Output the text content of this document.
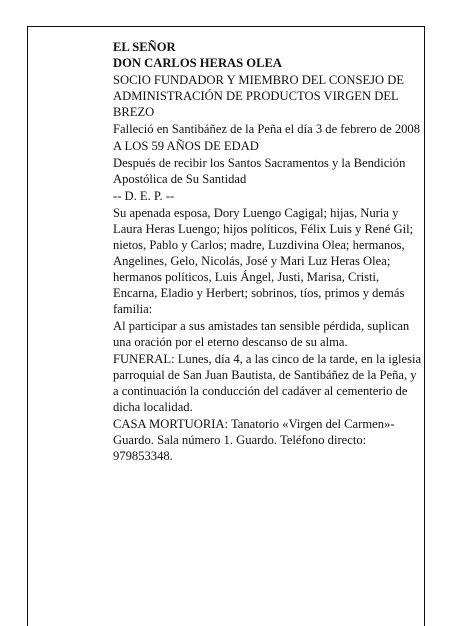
EL SEÑOR

DON CARLOS HERAS OLEA

SOCIO FUNDADOR Y MIEMBRO DEL CONSEJO DE ADMINISTRACIÓN DE PRODUCTOS VIRGEN DEL BREZO

Falleció en Santibáñez de la Peña el día 3 de febrero de 2008

A LOS 59 AÑOS DE EDAD

Después de recibir los Santos Sacramentos y la Bendición Apostólica de Su Santidad

-- D. E. P. --

Su apenada esposa, Dory Luengo Cagigal; hijas, Nuria y Laura Heras Luengo; hijos políticos, Félix Luis y René Gil; nietos, Pablo y Carlos; madre, Luzdivina Olea; hermanos, Angelines, Gelo, Nicolás, José y Mari Luz Heras Olea; hermanos políticos, Luis Ángel, Justi, Marisa, Cristi, Encarna, Eladio y Herbert; sobrinos, tíos, primos y demás familia:

Al participar a sus amistades tan sensible pérdida, suplican una oración por el eterno descanso de su alma.

FUNERAL: Lunes, día 4, a las cinco de la tarde, en la iglesia parroquial de San Juan Bautista, de Santibáñez de la Peña, y a continuación la conducción del cadáver al cementerio de dicha localidad.

CASA MORTUORIA: Tanatorio «Virgen del Carmen»-Guardo. Sala número 1. Guardo. Teléfono directo: 979853348.
